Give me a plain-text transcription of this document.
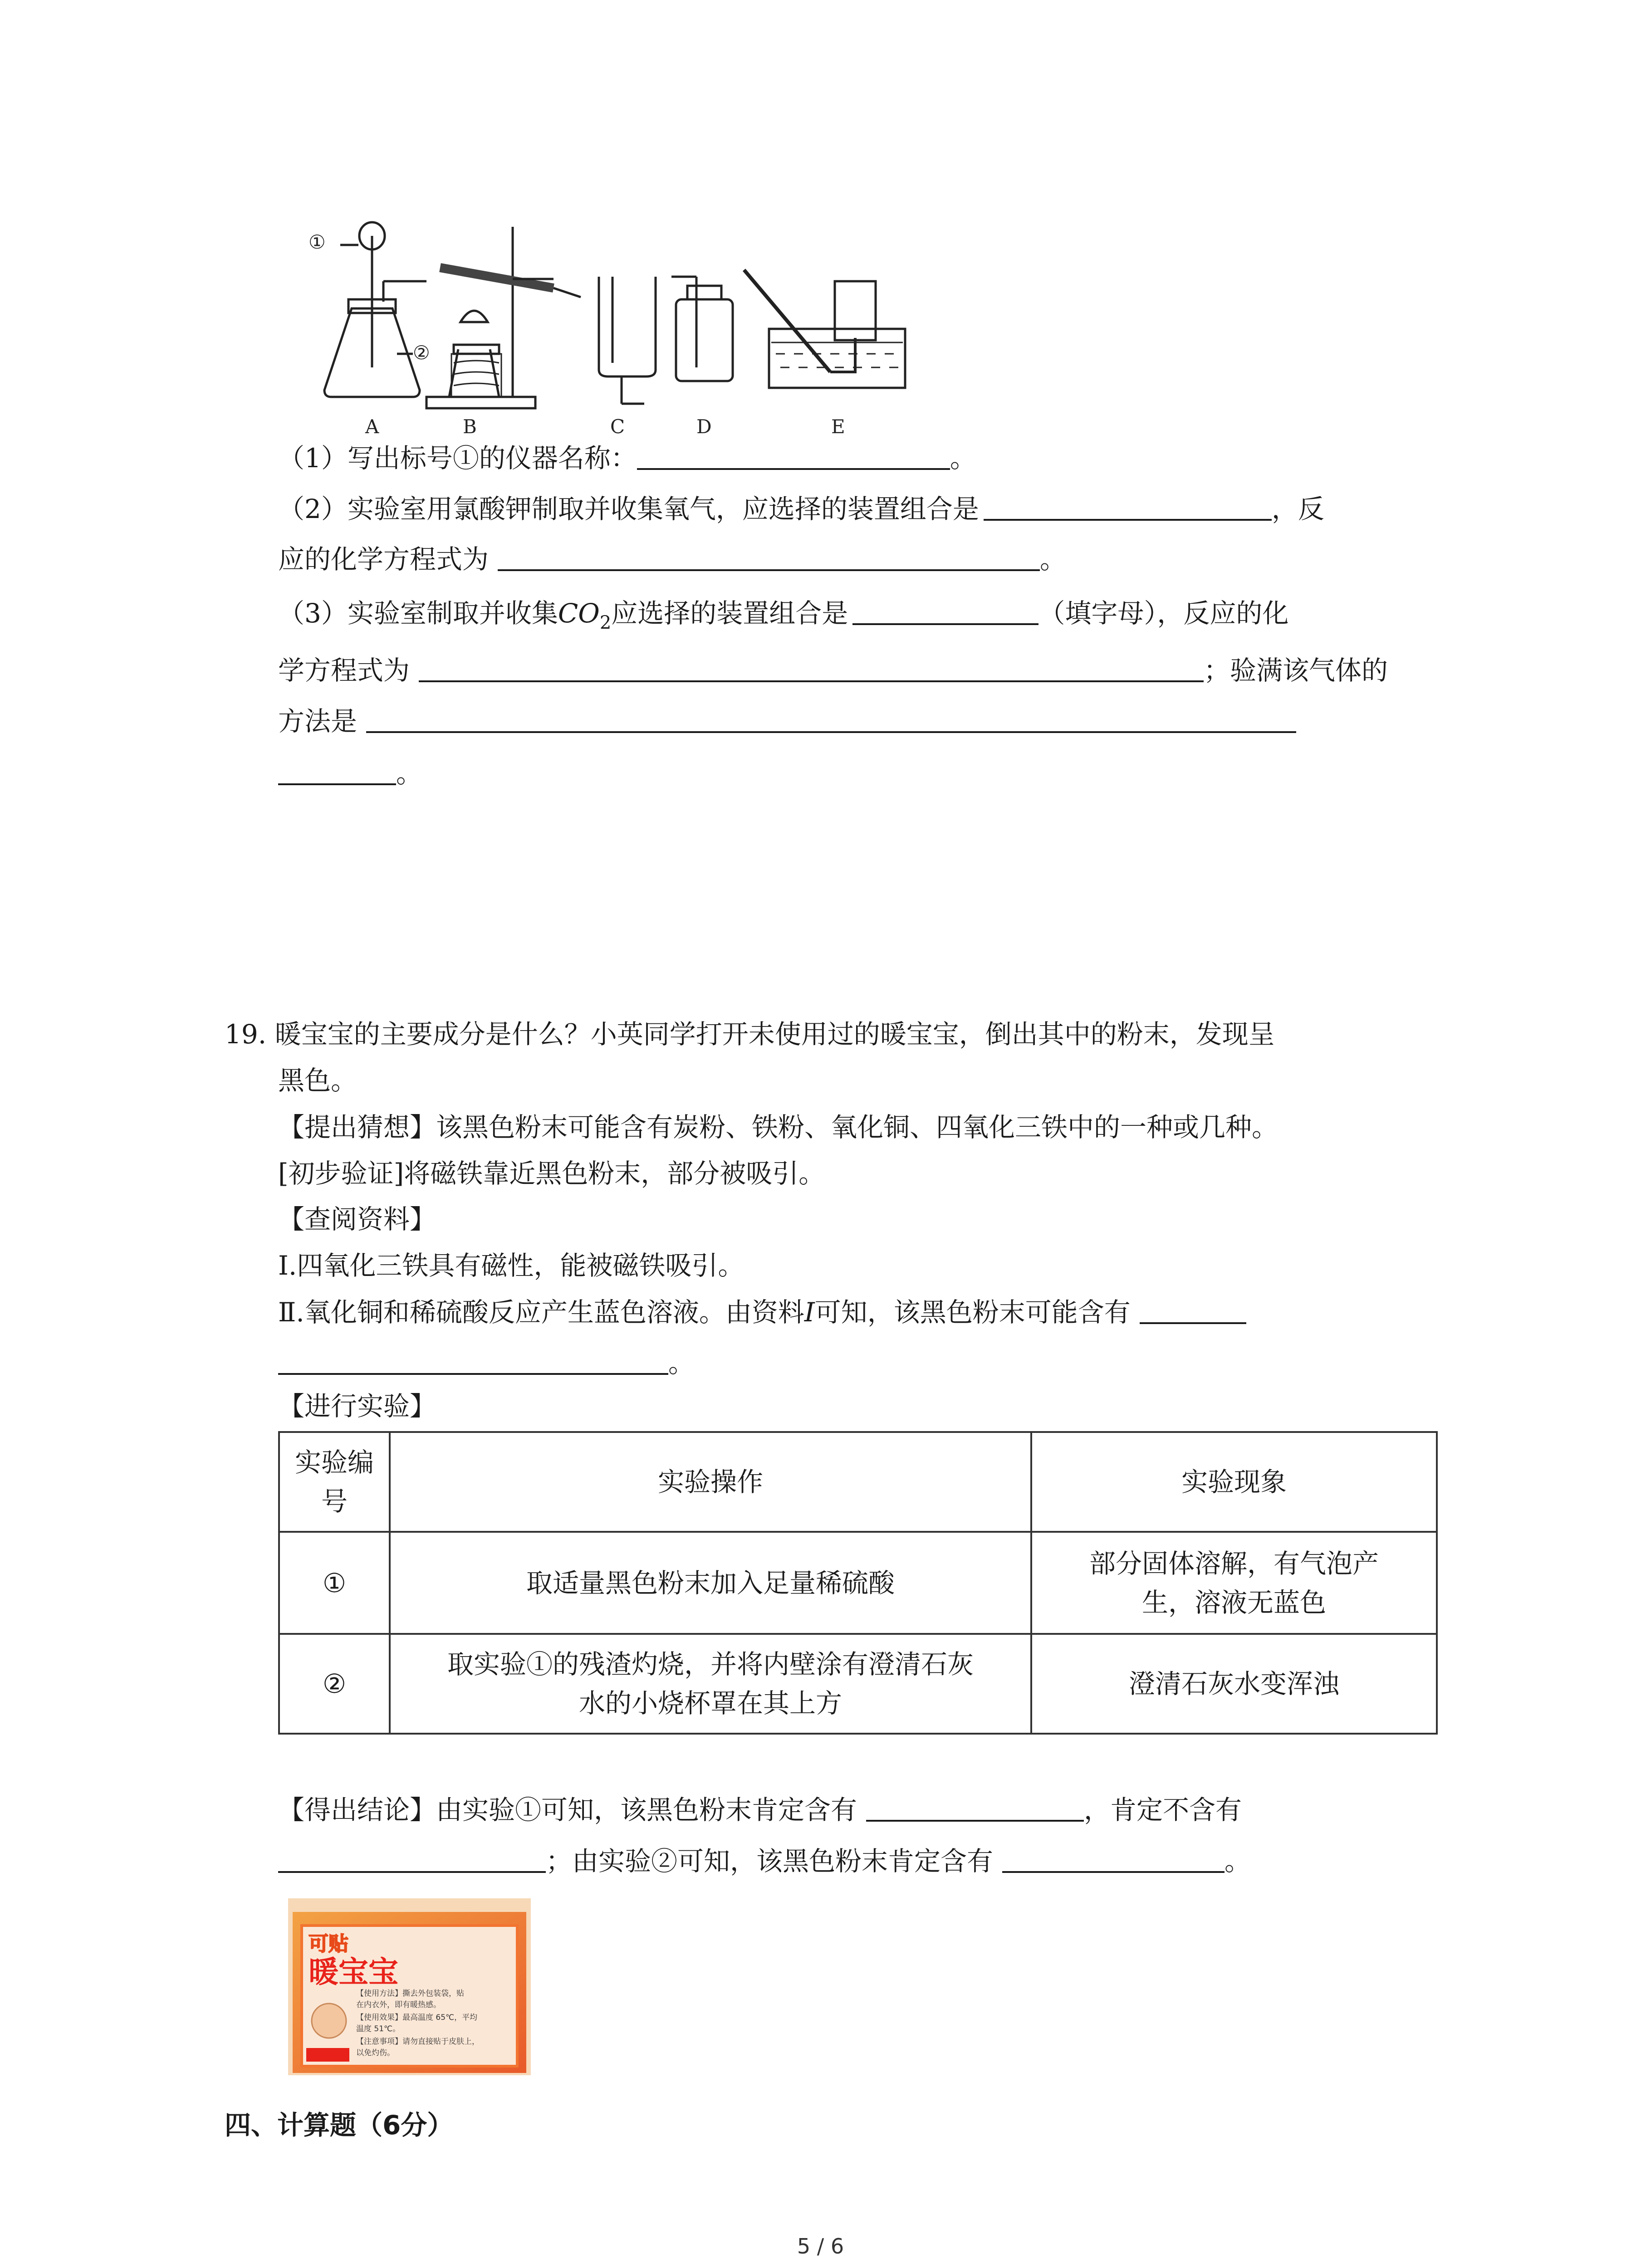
①
②
A	B	C	D	E
（1）写出标号①的仪器名称：	。
（2）实验室用氯酸钾制取并收集氧气，应选择的装置组合是	，反
应的化学方程式为	。
（3）实验室制取并收集$CO_2$应选择的装置组合是	（填字母），反应的化
学方程式为	；验满该气体的
方法是
。
19. 暖宝宝的主要成分是什么？小英同学打开未使用过的暖宝宝，倒出其中的粉末，发现呈
黑色。
【提出猜想】该黑色粉末可能含有炭粉、铁粉、氧化铜、四氧化三铁中的一种或几种。
[初步验证]将磁铁靠近黑色粉末，部分被吸引。
【查阅资料】
Ⅰ.四氧化三铁具有磁性，能被磁铁吸引。
Ⅱ.氧化铜和稀硫酸反应产生蓝色溶液。由资料I可知，该黑色粉末可能含有
。
【进行实验】
实验编号	实验操作	实验现象
①	取适量黑色粉末加入足量稀硫酸	部分固体溶解，有气泡产
生，溶液无蓝色

②	取实验①的残渣灼烧，并将内壁涂有澄清石灰
水的小烧杯罩在其上方	澄清石灰水变浑浊
【得出结论】由实验①可知，该黑色粉末肯定含有	，肯定不含有
；由实验②可知，该黑色粉末肯定含有	。
可贴
暖宝宝
【使用方法】撕去外包装袋，贴
在内衣外，即有暖热感。
【使用效果】最高温度 65℃，平均
温度 51℃。
【注意事项】请勿直接贴于皮肤上，
以免灼伤。
四、计算题（6分）
5 / 6
